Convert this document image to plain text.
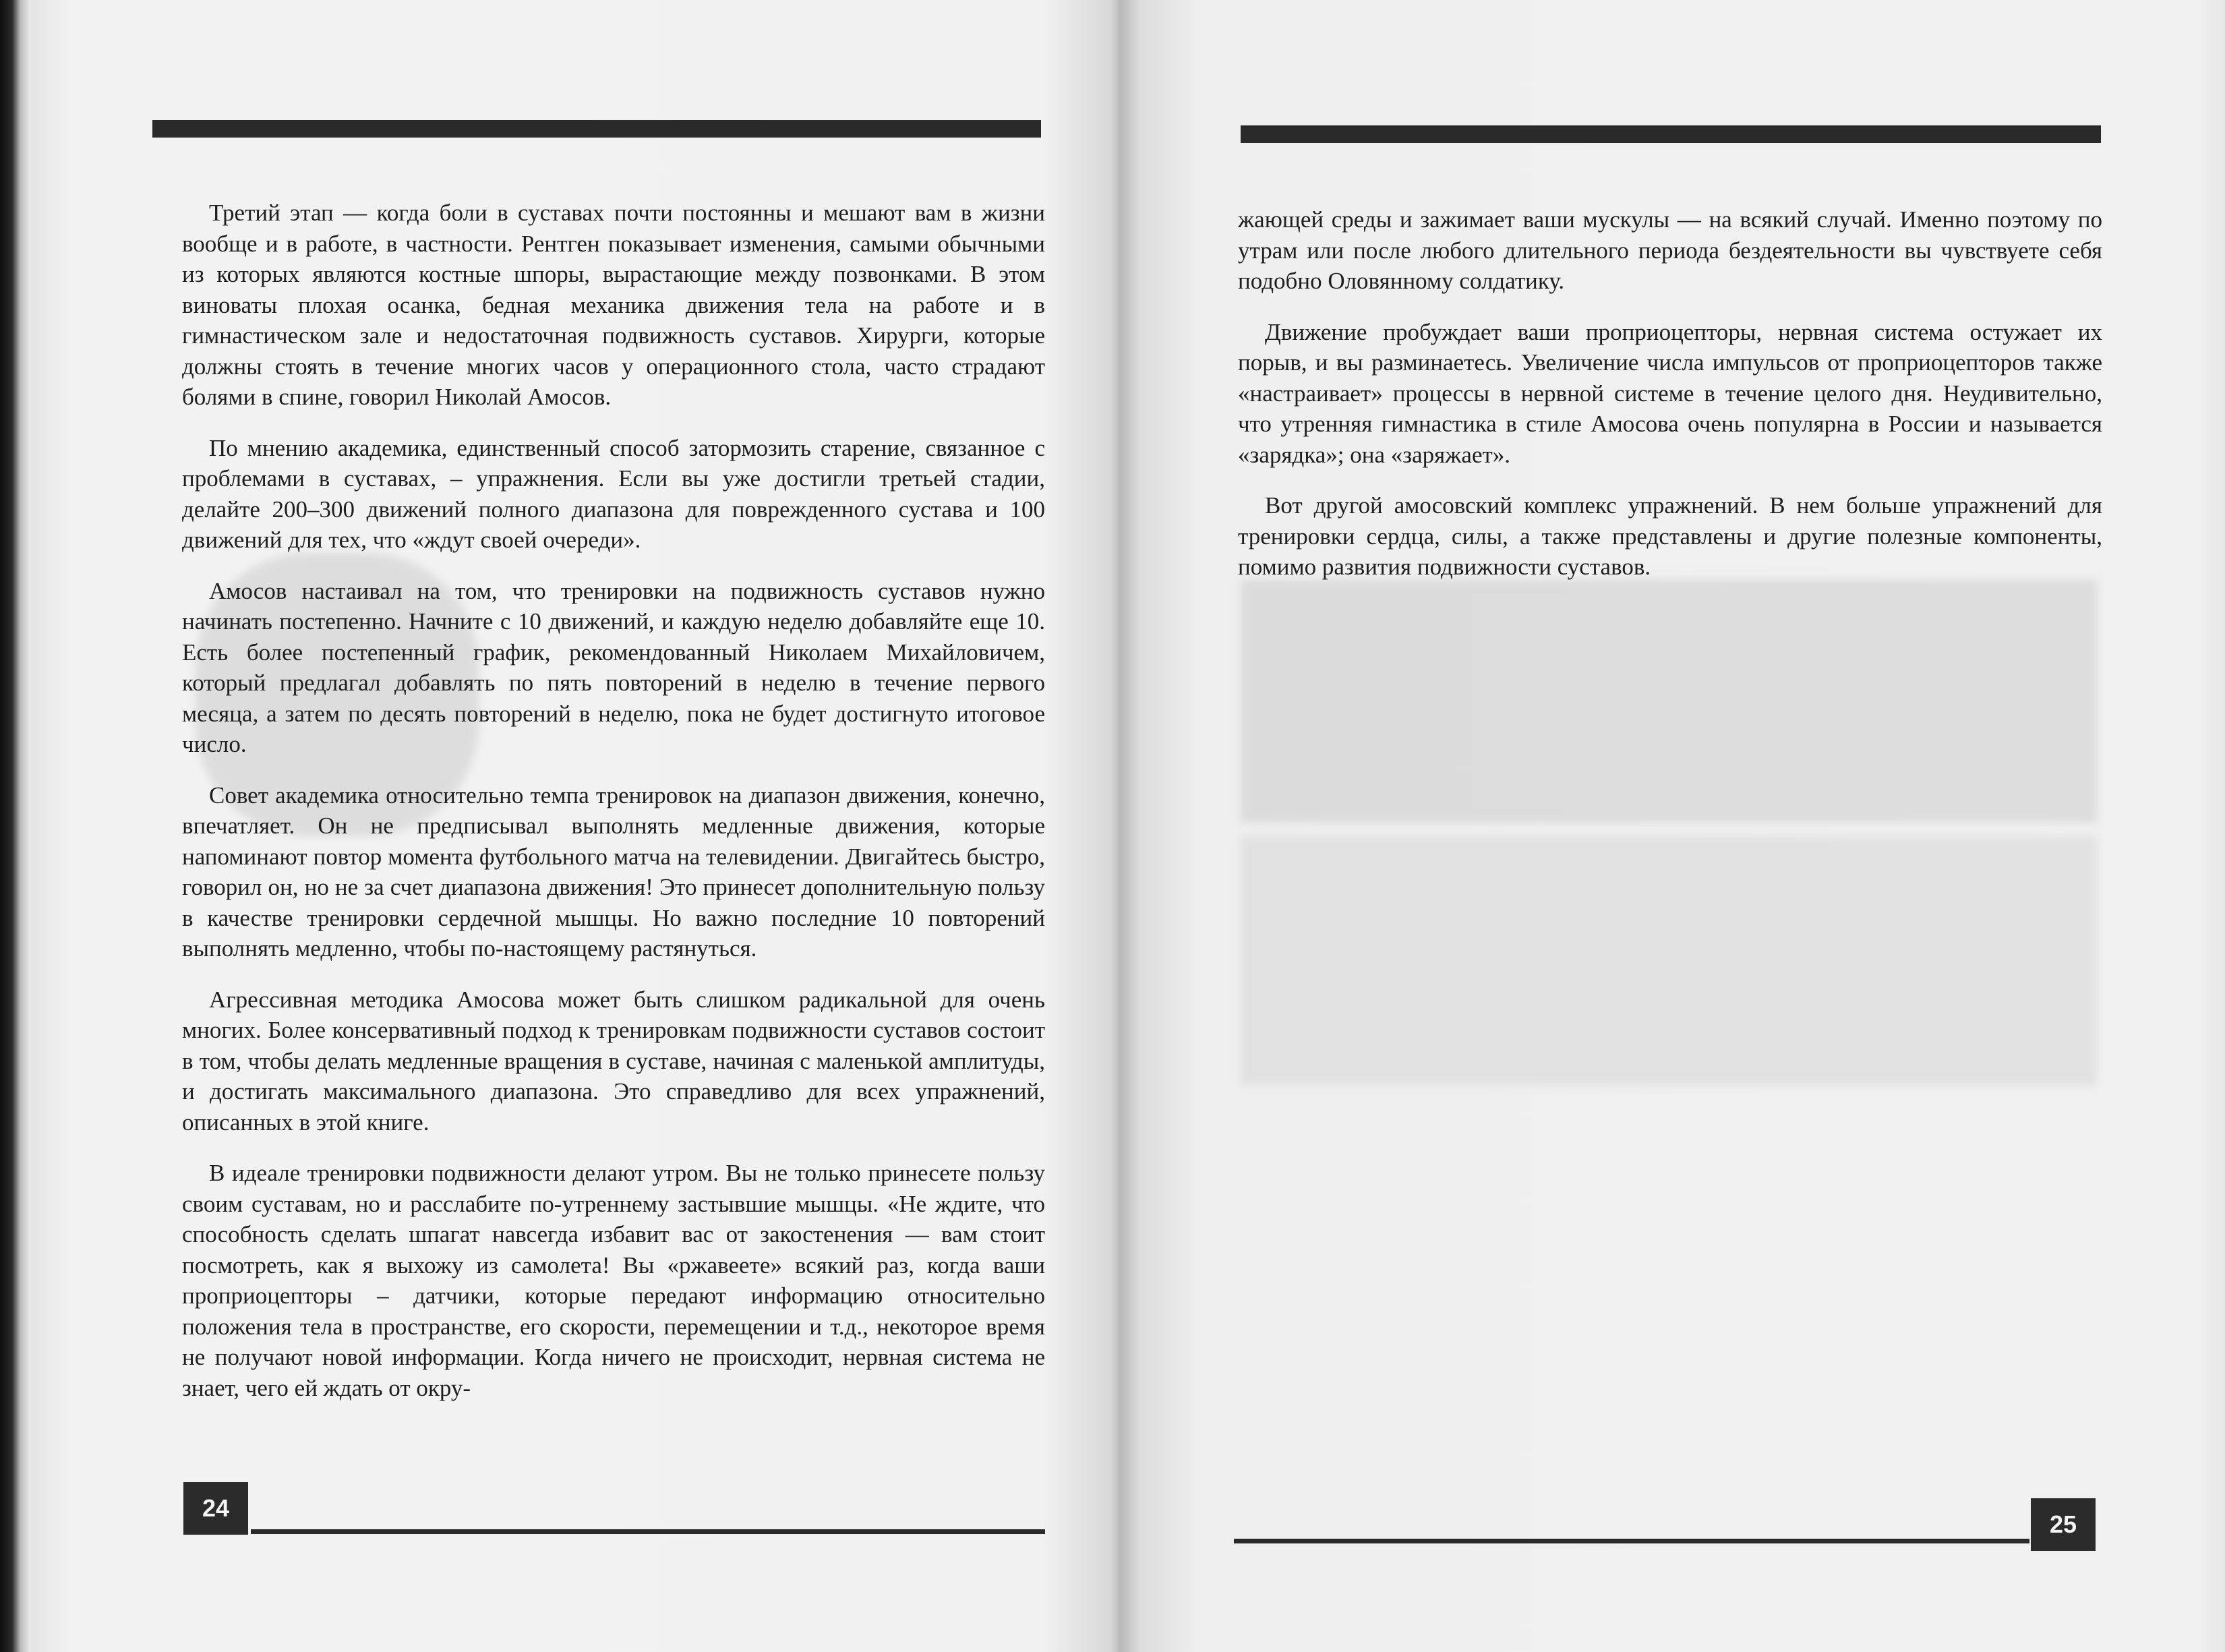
Третий этап — когда боли в суставах почти постоянны и мешают вам в жизни вообще и в работе, в частности. Рентген показывает изменения, самыми обычными из которых являются костные шпоры, вырастающие между позвонками. В этом виноваты плохая осанка, бедная механика движения тела на работе и в гимнастическом зале и недостаточная подвижность суставов. Хирурги, которые должны стоять в течение многих часов у операционного стола, часто страдают болями в спине, говорил Николай Амосов.

По мнению академика, единственный способ затормозить старение, связанное с проблемами в суставах, – упражнения. Если вы уже достигли третьей стадии, делайте 200–300 движений полного диапазона для поврежденного сустава и 100 движений для тех, что «ждут своей очереди».

Амосов настаивал на том, что тренировки на подвижность суставов нужно начинать постепенно. Начните с 10 движений, и каждую неделю добавляйте еще 10. Есть более постепенный график, рекомендованный Николаем Михайловичем, который предлагал добавлять по пять повторений в неделю в течение первого месяца, а затем по десять повторений в неделю, пока не будет достигнуто итоговое число.

Совет академика относительно темпа тренировок на диапазон движения, конечно, впечатляет. Он не предписывал выполнять медленные движения, которые напоминают повтор момента футбольного матча на телевидении. Двигайтесь быстро, говорил он, но не за счет диапазона движения! Это принесет дополнительную пользу в качестве тренировки сердечной мышцы. Но важно последние 10 повторений выполнять медленно, чтобы по-настоящему растянуться.

Агрессивная методика Амосова может быть слишком радикальной для очень многих. Более консервативный подход к тренировкам подвижности суставов состоит в том, чтобы делать медленные вращения в суставе, начиная с маленькой амплитуды, и достигать максимального диапазона. Это справедливо для всех упражнений, описанных в этой книге.

В идеале тренировки подвижности делают утром. Вы не только принесете пользу своим суставам, но и расслабите по-утреннему застывшие мышцы. «Не ждите, что способность сделать шпагат навсегда избавит вас от закостенения — вам стоит посмотреть, как я выхожу из самолета! Вы «ржавеете» всякий раз, когда ваши проприоцепторы – датчики, которые передают информацию относительно положения тела в пространстве, его скорости, перемещении и т.д., некоторое время не получают новой информации. Когда ничего не происходит, нервная система не знает, чего ей ждать от окру-

жающей среды и зажимает ваши мускулы — на всякий случай. Именно поэтому по утрам или после любого длительного периода бездеятельности вы чувствуете себя подобно Оловянному солдатику.

Движение пробуждает ваши проприоцепторы, нервная система остужает их порыв, и вы разминаетесь. Увеличение числа импульсов от проприоцепторов также «настраивает» процессы в нервной системе в течение целого дня. Неудивительно, что утренняя гимнастика в стиле Амосова очень популярна в России и называется «зарядка»; она «заряжает».

Вот другой амосовский комплекс упражнений. В нем больше упражнений для тренировки сердца, силы, а также представлены и другие полезные компоненты, помимо развития подвижности суставов.

24
25
